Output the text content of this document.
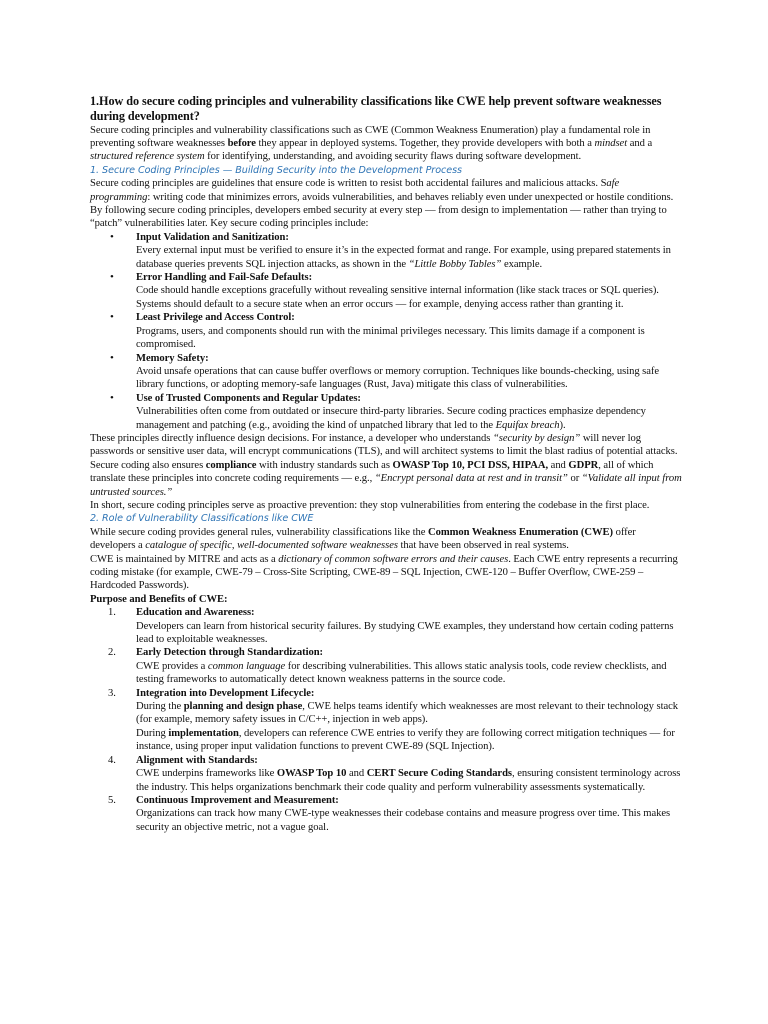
1.How do secure coding principles and vulnerability classifications like CWE help prevent software weaknesses during development?

Secure coding principles and vulnerability classifications such as CWE (Common Weakness Enumeration) play a fundamental role in preventing software weaknesses before they appear in deployed systems. Together, they provide developers with both a mindset and a structured reference system for identifying, understanding, and avoiding security flaws during software development.

1. Secure Coding Principles — Building Security into the Development Process

Secure coding principles are guidelines that ensure code is written to resist both accidental failures and malicious attacks. Safe programming: writing code that minimizes errors, avoids vulnerabilities, and behaves reliably even under unexpected or hostile conditions.

By following secure coding principles, developers embed security at every step — from design to implementation — rather than trying to “patch” vulnerabilities later. Key secure coding principles include:

• Input Validation and Sanitization:
Every external input must be verified to ensure it’s in the expected format and range. For example, using prepared statements in database queries prevents SQL injection attacks, as shown in the “Little Bobby Tables” example.
• Error Handling and Fail-Safe Defaults:
Code should handle exceptions gracefully without revealing sensitive internal information (like stack traces or SQL queries). Systems should default to a secure state when an error occurs — for example, denying access rather than granting it.
• Least Privilege and Access Control:
Programs, users, and components should run with the minimal privileges necessary. This limits damage if a component is compromised.
• Memory Safety:
Avoid unsafe operations that can cause buffer overflows or memory corruption. Techniques like bounds-checking, using safe library functions, or adopting memory-safe languages (Rust, Java) mitigate this class of vulnerabilities.
• Use of Trusted Components and Regular Updates:
Vulnerabilities often come from outdated or insecure third-party libraries. Secure coding practices emphasize dependency management and patching (e.g., avoiding the kind of unpatched library that led to the Equifax breach).

These principles directly influence design decisions. For instance, a developer who understands “security by design” will never log passwords or sensitive user data, will encrypt communications (TLS), and will architect systems to limit the blast radius of potential attacks.

Secure coding also ensures compliance with industry standards such as OWASP Top 10, PCI DSS, HIPAA, and GDPR, all of which translate these principles into concrete coding requirements — e.g., “Encrypt personal data at rest and in transit” or “Validate all input from untrusted sources.”

In short, secure coding principles serve as proactive prevention: they stop vulnerabilities from entering the codebase in the first place.

2. Role of Vulnerability Classifications like CWE

While secure coding provides general rules, vulnerability classifications like the Common Weakness Enumeration (CWE) offer developers a catalogue of specific, well-documented software weaknesses that have been observed in real systems.

CWE is maintained by MITRE and acts as a dictionary of common software errors and their causes. Each CWE entry represents a recurring coding mistake (for example, CWE-79 – Cross-Site Scripting, CWE-89 – SQL Injection, CWE-120 – Buffer Overflow, CWE-259 – Hardcoded Passwords).

Purpose and Benefits of CWE:

1. Education and Awareness:
Developers can learn from historical security failures. By studying CWE examples, they understand how certain coding patterns lead to exploitable weaknesses.
2. Early Detection through Standardization:
CWE provides a common language for describing vulnerabilities. This allows static analysis tools, code review checklists, and testing frameworks to automatically detect known weakness patterns in the source code.
3. Integration into Development Lifecycle:
During the planning and design phase, CWE helps teams identify which weaknesses are most relevant to their technology stack (for example, memory safety issues in C/C++, injection in web apps).
During implementation, developers can reference CWE entries to verify they are following correct mitigation techniques — for instance, using proper input validation functions to prevent CWE-89 (SQL Injection).
4. Alignment with Standards:
CWE underpins frameworks like OWASP Top 10 and CERT Secure Coding Standards, ensuring consistent terminology across the industry. This helps organizations benchmark their code quality and perform vulnerability assessments systematically.
5. Continuous Improvement and Measurement:
Organizations can track how many CWE-type weaknesses their codebase contains and measure progress over time. This makes security an objective metric, not a vague goal.
